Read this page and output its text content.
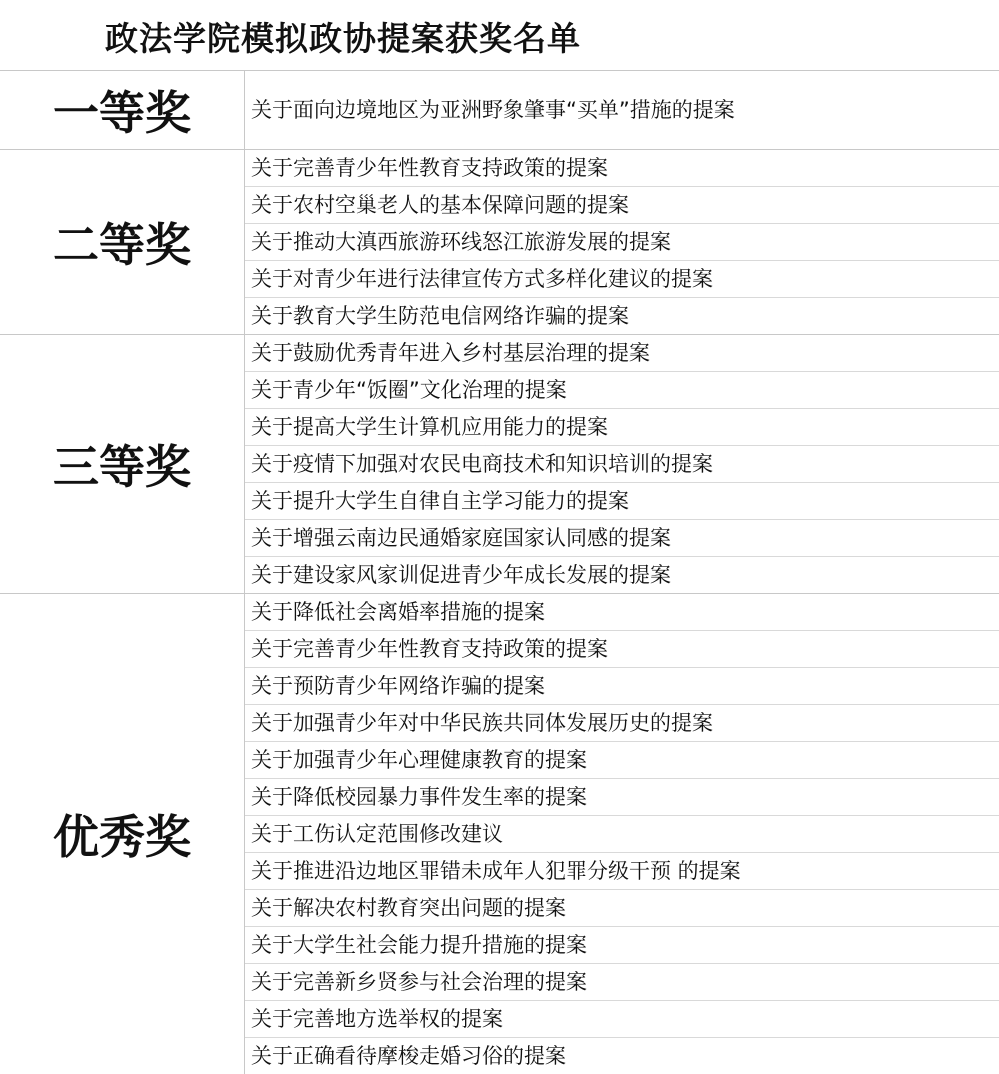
政法学院模拟政协提案获奖名单
一等奖	关于面向边境地区为亚洲野象肇事“买单”措施的提案
二等奖
关于完善青少年性教育支持政策的提案
关于农村空巢老人的基本保障问题的提案
关于推动大滇西旅游环线怒江旅游发展的提案
关于对青少年进行法律宣传方式多样化建议的提案
关于教育大学生防范电信网络诈骗的提案
三等奖
关于鼓励优秀青年进入乡村基层治理的提案
关于青少年“饭圈”文化治理的提案
关于提高大学生计算机应用能力的提案
关于疫情下加强对农民电商技术和知识培训的提案
关于提升大学生自律自主学习能力的提案
关于增强云南边民通婚家庭国家认同感的提案
关于建设家风家训促进青少年成长发展的提案
优秀奖
关于降低社会离婚率措施的提案
关于完善青少年性教育支持政策的提案
关于预防青少年网络诈骗的提案
关于加强青少年对中华民族共同体发展历史的提案
关于加强青少年心理健康教育的提案
关于降低校园暴力事件发生率的提案
关于工伤认定范围修改建议
关于推进沿边地区罪错未成年人犯罪分级干预 的提案
关于解决农村教育突出问题的提案
关于大学生社会能力提升措施的提案
关于完善新乡贤参与社会治理的提案
关于完善地方选举权的提案
关于正确看待摩梭走婚习俗的提案
